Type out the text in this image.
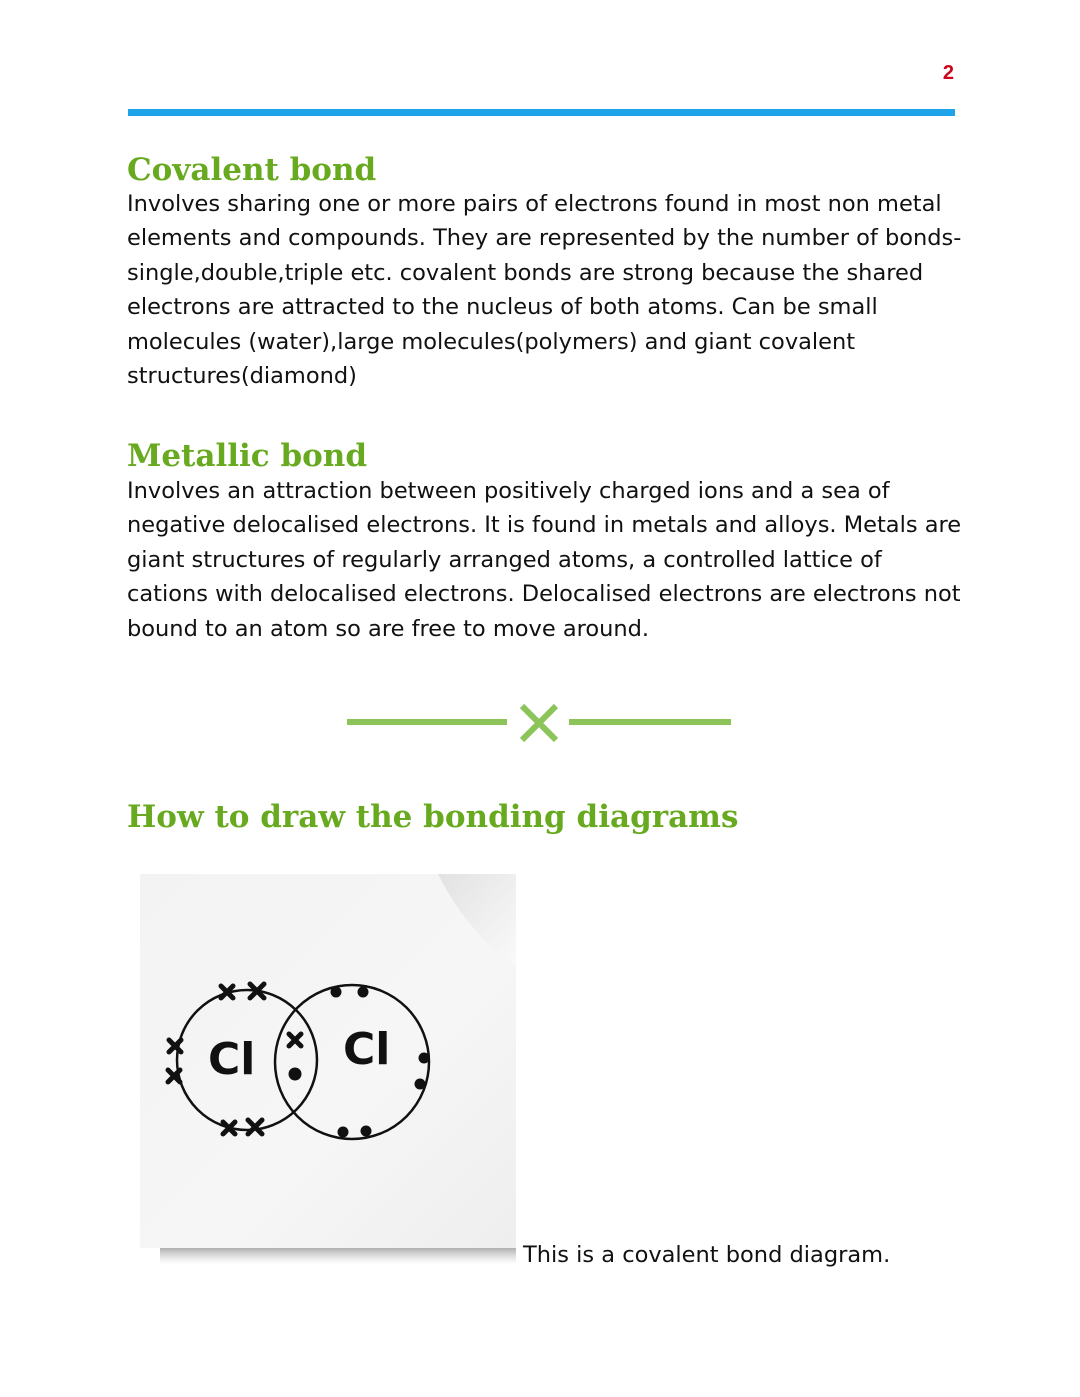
2
Covalent bond

Involves sharing one or more pairs of electrons found in most non metal elements and compounds. They are represented by the number of bonds- single,double,triple etc. covalent bonds are strong because the shared electrons are attracted to the nucleus of both atoms. Can be small molecules (water),large molecules(polymers) and giant covalent structures(diamond)

Metallic bond

Involves an attraction between positively charged ions and a sea of negative delocalised electrons. It is found in metals and alloys. Metals are giant structures of regularly arranged atoms, a controlled lattice of cations with delocalised electrons. Delocalised electrons are electrons not bound to an atom so are free to move around.

How to draw the bonding diagrams
Cl Cl

This is a covalent bond diagram.
